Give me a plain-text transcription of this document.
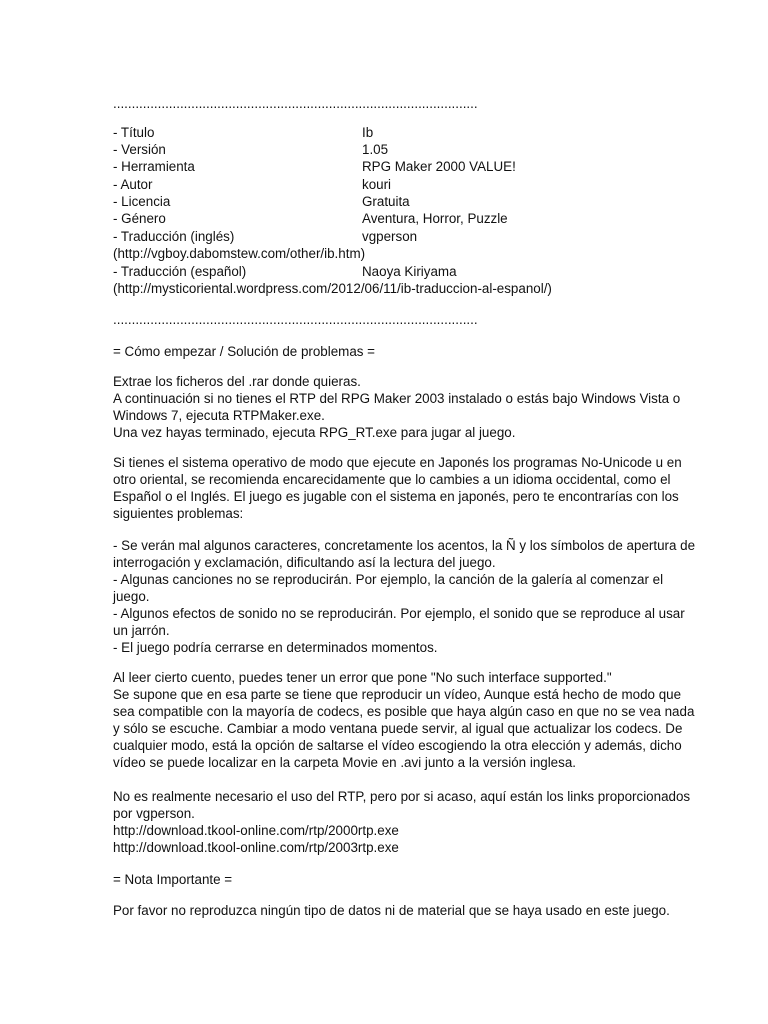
..................................................................................................
- Título	Ib
- Versión	1.05
- Herramienta	RPG Maker 2000 VALUE!
- Autor	kouri
- Licencia	Gratuita
- Género	Aventura, Horror, Puzzle
- Traducción (inglés)	vgperson
(http://vgboy.dabomstew.com/other/ib.htm)
- Traducción (español)	Naoya Kiriyama
(http://mysticoriental.wordpress.com/2012/06/11/ib-traduccion-al-espanol/)
..................................................................................................
= Cómo empezar / Solución de problemas =
Extrae los ficheros del .rar donde quieras.
A continuación si no tienes el RTP del RPG Maker 2003 instalado o estás bajo Windows Vista o
Windows 7, ejecuta RTPMaker.exe.
Una vez hayas terminado, ejecuta RPG_RT.exe para jugar al juego.
Si tienes el sistema operativo de modo que ejecute en Japonés los programas No-Unicode u en
otro oriental, se recomienda encarecidamente que lo cambies a un idioma occidental, como el
Español o el Inglés. El juego es jugable con el sistema en japonés, pero te encontrarías con los
siguientes problemas:
- Se verán mal algunos caracteres, concretamente los acentos, la Ñ y los símbolos de apertura de
interrogación y exclamación, dificultando así la lectura del juego.
- Algunas canciones no se reproducirán. Por ejemplo, la canción de la galería al comenzar el
juego.
- Algunos efectos de sonido no se reproducirán. Por ejemplo, el sonido que se reproduce al usar
un jarrón.
- El juego podría cerrarse en determinados momentos.
Al leer cierto cuento, puedes tener un error que pone "No such interface supported."
Se supone que en esa parte se tiene que reproducir un vídeo, Aunque está hecho de modo que
sea compatible con la mayoría de codecs, es posible que haya algún caso en que no se vea nada
y sólo se escuche. Cambiar a modo ventana puede servir, al igual que actualizar los codecs. De
cualquier modo, está la opción de saltarse el vídeo escogiendo la otra elección y además, dicho
vídeo se puede localizar en la carpeta Movie en .avi junto a la versión inglesa.
No es realmente necesario el uso del RTP, pero por si acaso, aquí están los links proporcionados
por vgperson.
http://download.tkool-online.com/rtp/2000rtp.exe
http://download.tkool-online.com/rtp/2003rtp.exe
= Nota Importante =
Por favor no reproduzca ningún tipo de datos ni de material que se haya usado en este juego.
